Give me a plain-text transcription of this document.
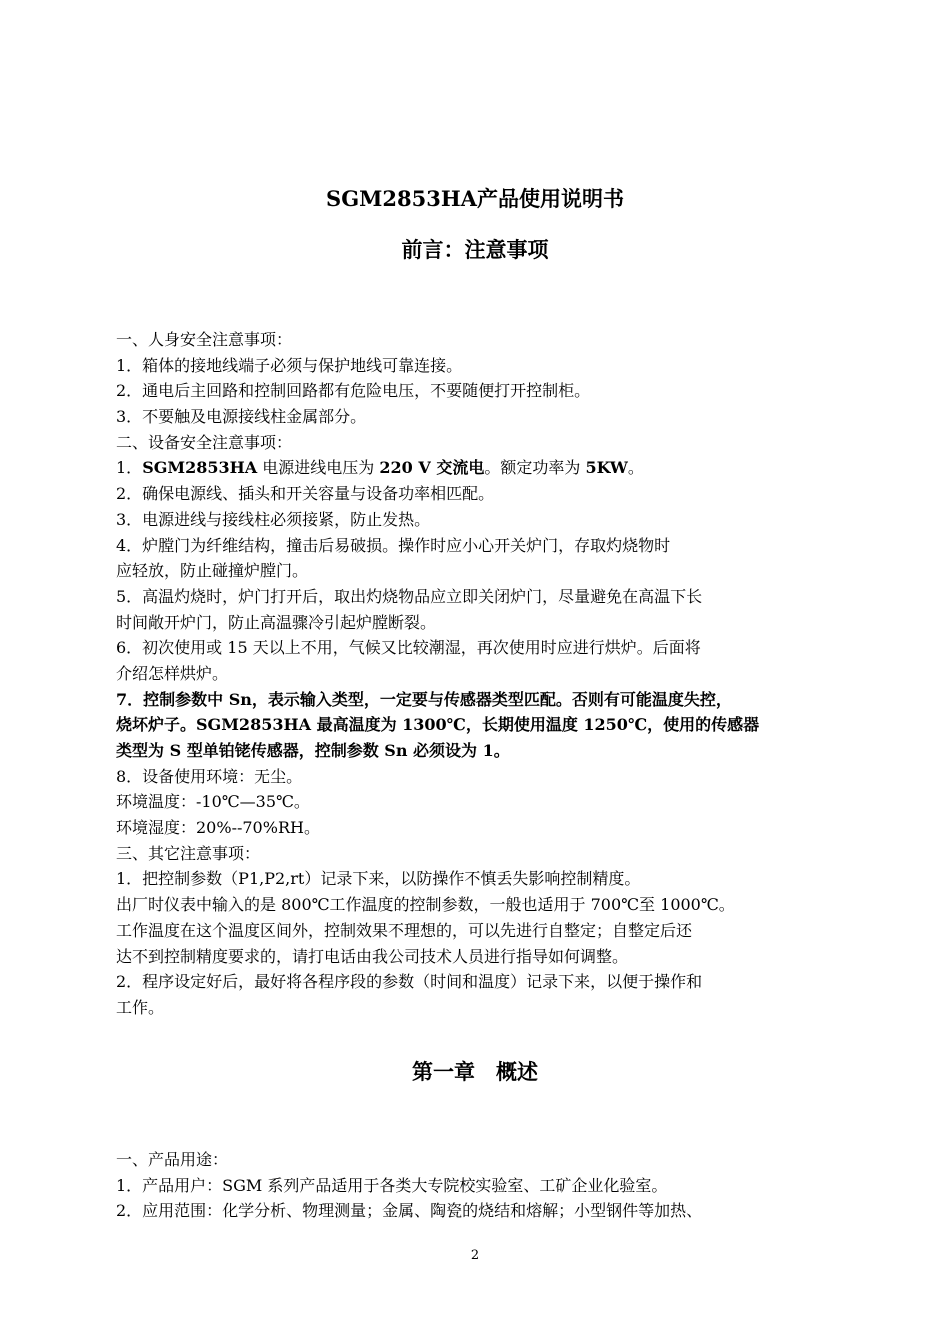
SGM2853HA产品使用说明书
前言：注意事项
一、人身安全注意事项：
1．箱体的接地线端子必须与保护地线可靠连接。
2．通电后主回路和控制回路都有危险电压，不要随便打开控制柜。
3．不要触及电源接线柱金属部分。
二、设备安全注意事项：
1．SGM2853HA 电源进线电压为 220 V 交流电。额定功率为 5KW。
2．确保电源线、插头和开关容量与设备功率相匹配。
3．电源进线与接线柱必须接紧，防止发热。
4．炉膛门为纤维结构，撞击后易破损。操作时应小心开关炉门，存取灼烧物时
应轻放，防止碰撞炉膛门。
5．高温灼烧时，炉门打开后，取出灼烧物品应立即关闭炉门，尽量避免在高温下长
时间敞开炉门，防止高温骤冷引起炉膛断裂。
6．初次使用或 15 天以上不用，气候又比较潮湿，再次使用时应进行烘炉。后面将
介绍怎样烘炉。
7．控制参数中 Sn，表示输入类型，一定要与传感器类型匹配。否则有可能温度失控，
烧坏炉子。SGM2853HA 最高温度为 1300℃，长期使用温度 1250℃，使用的传感器
类型为 S 型单铂铑传感器，控制参数 Sn 必须设为 1。
8．设备使用环境：无尘。
环境温度：-10℃—35℃。
环境湿度：20%--70%RH。
三、其它注意事项：
1．把控制参数（P1,P2,rt）记录下来，以防操作不慎丢失影响控制精度。
出厂时仪表中输入的是 800℃工作温度的控制参数，一般也适用于 700℃至 1000℃。
工作温度在这个温度区间外，控制效果不理想的，可以先进行自整定；自整定后还
达不到控制精度要求的，请打电话由我公司技术人员进行指导如何调整。
2．程序设定好后，最好将各程序段的参数（时间和温度）记录下来，以便于操作和
工作。
第一章　概述
一、产品用途：
1．产品用户：SGM 系列产品适用于各类大专院校实验室、工矿企业化验室。
2．应用范围：化学分析、物理测量；金属、陶瓷的烧结和熔解；小型钢件等加热、
2
